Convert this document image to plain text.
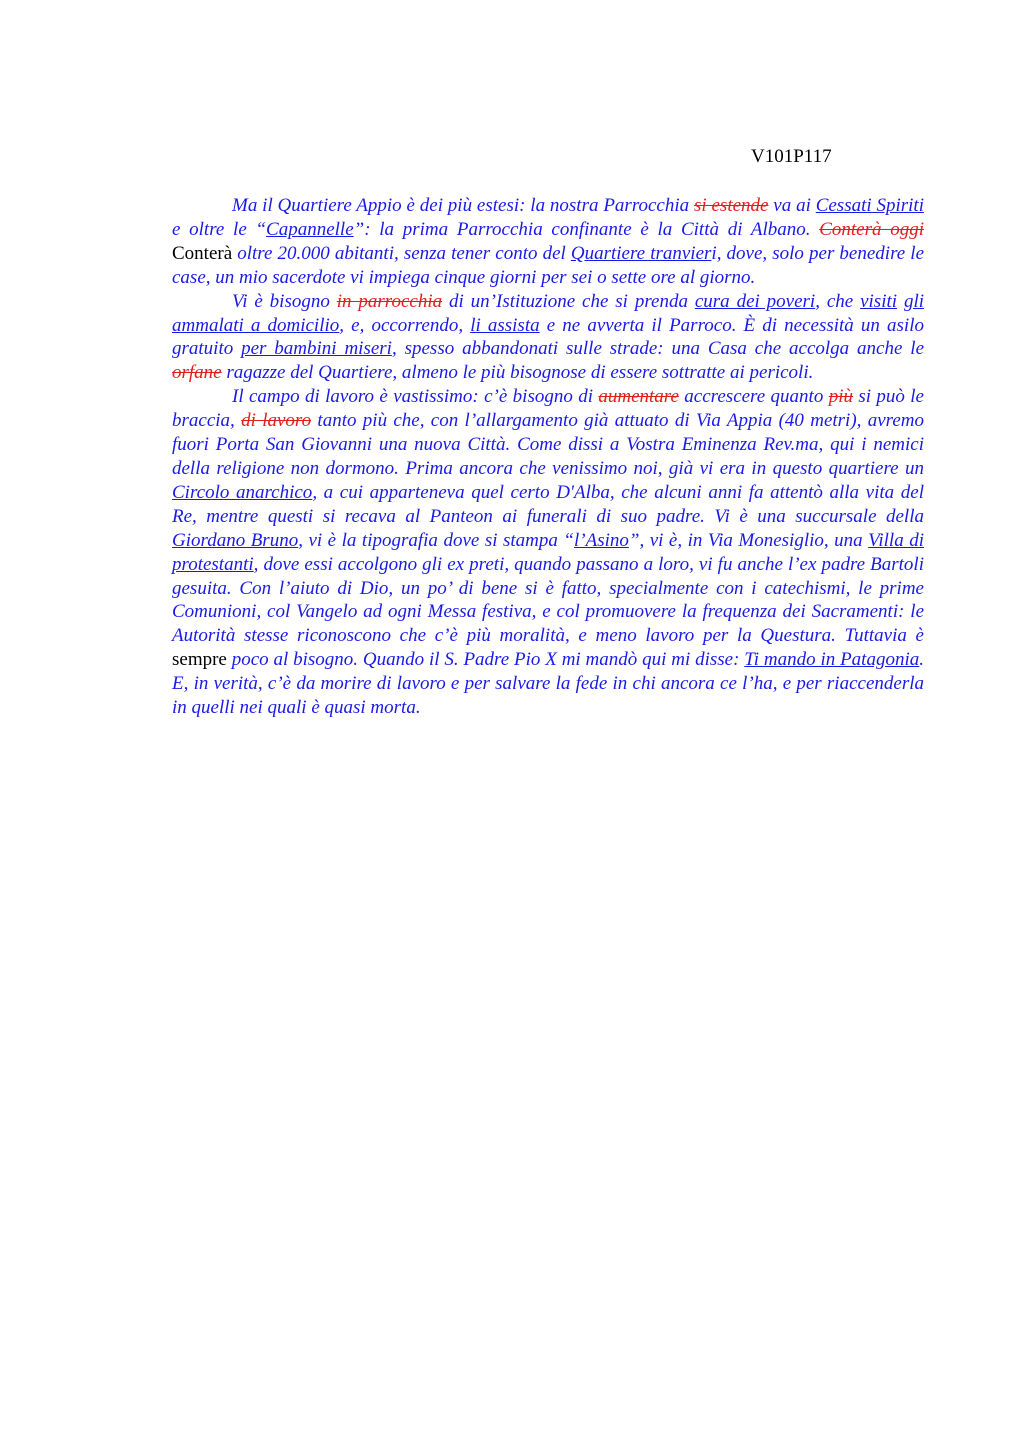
V101P117

Ma il Quartiere Appio è dei più estesi: la nostra Parrocchia si estende va ai Cessati Spiriti e oltre le “Capannelle”: la prima Parrocchia confinante è la Città di Albano. Conterà oggi Conterà oltre 20.000 abitanti, senza tener conto del Quartiere tranvieri, dove, solo per benedire le case, un mio sacerdote vi impiega cinque giorni per sei o sette ore al giorno.

Vi è bisogno in parrocchia di un’Istituzione che si prenda cura dei poveri, che visiti gli ammalati a domicilio, e, occorrendo, li assista e ne avverta il Parroco. È di necessità un asilo gratuito per bambini miseri, spesso abbandonati sulle strade: una Casa che accolga anche le orfane ragazze del Quartiere, almeno le più bisognose di essere sottratte ai pericoli.

Il campo di lavoro è vastissimo: c’è bisogno di aumentare accrescere quanto più si può le braccia, di lavoro tanto più che, con l’allargamento già attuato di Via Appia (40 metri), avremo fuori Porta San Giovanni una nuova Città. Come dissi a Vostra Eminenza Rev.ma, qui i nemici della religione non dormono. Prima ancora che venissimo noi, già vi era in questo quartiere un Circolo anarchico, a cui apparteneva quel certo D'Alba, che alcuni anni fa attentò alla vita del Re, mentre questi si recava al Panteon ai funerali di suo padre. Vi è una succursale della Giordano Bruno, vi è la tipografia dove si stampa “l’Asino”, vi è, in Via Monesiglio, una Villa di protestanti, dove essi accolgono gli ex preti, quando passano a loro, vi fu anche l’ex padre Bartoli gesuita. Con l’aiuto di Dio, un po’ di bene si è fatto, specialmente con i catechismi, le prime Comunioni, col Vangelo ad ogni Messa festiva, e col promuovere la frequenza dei Sacramenti: le Autorità stesse riconoscono che c’è più moralità, e meno lavoro per la Questura. Tuttavia è sempre poco al bisogno. Quando il S. Padre Pio X mi mandò qui mi disse: Ti mando in Patagonia. E, in verità, c’è da morire di lavoro e per salvare la fede in chi ancora ce l’ha, e per riaccenderla in quelli nei quali è quasi morta.
